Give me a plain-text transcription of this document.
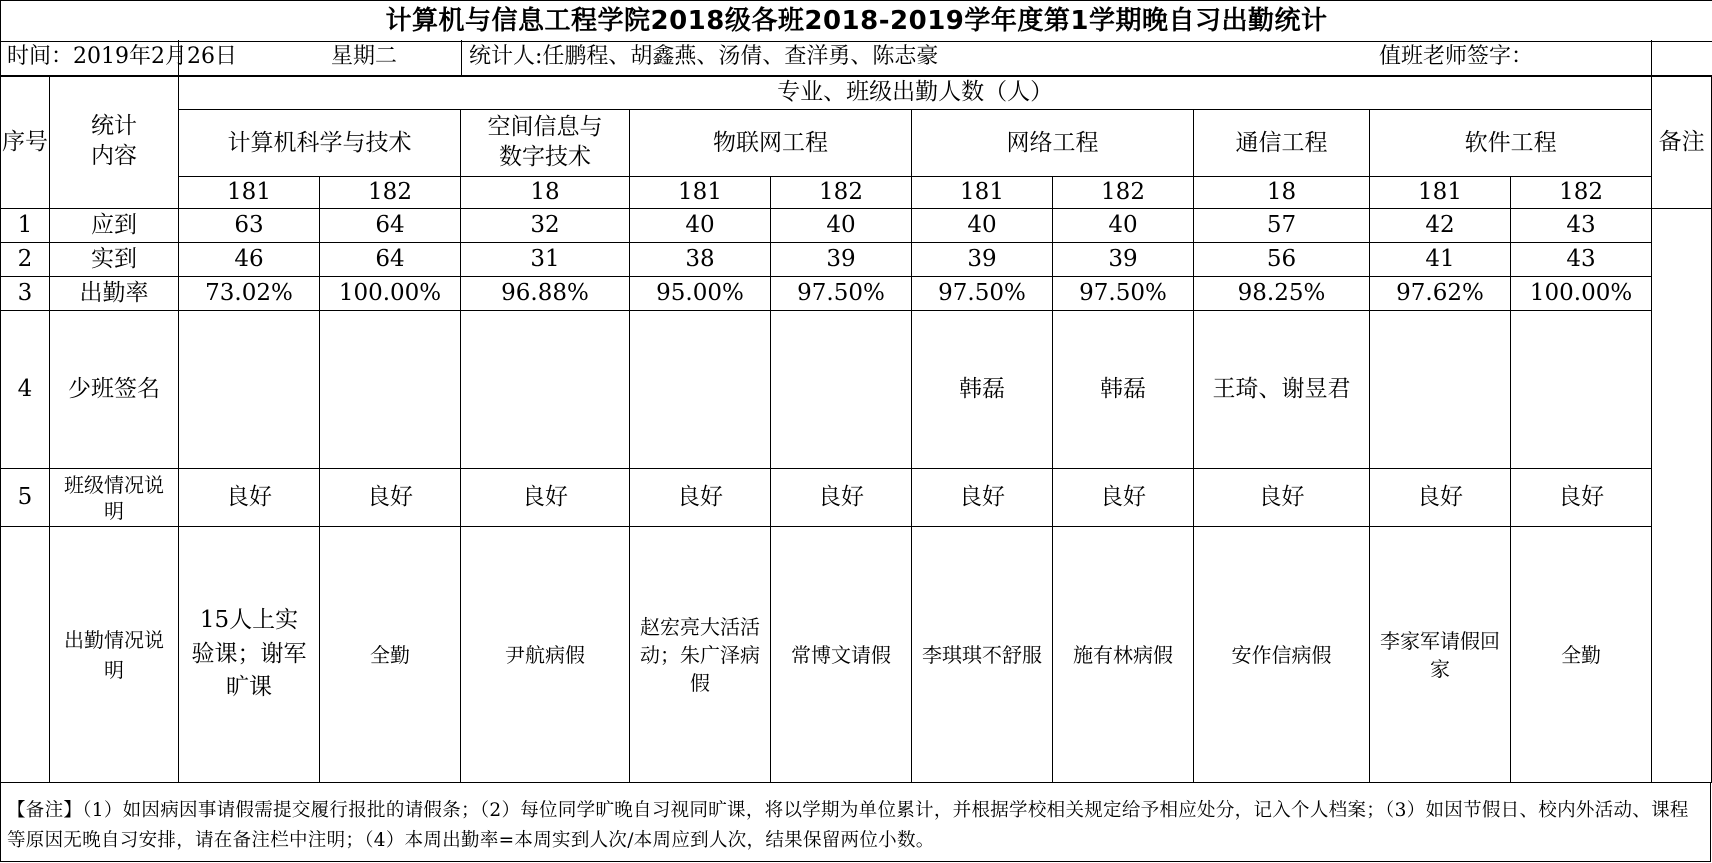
计算机与信息工程学院2018级各班2018-2019学年度第1学期晚自习出勤统计
时间：2019年2月26日	星期二	统计人:任鹏程、胡鑫燕、汤倩、查洋勇、陈志豪	值班老师签字：
序号	统计内容	专业、班级出勤人数（人）										备注
		计算机科学与技术		空间信息与数字技术	物联网工程		网络工程		通信工程	软件工程		
		181	182	18	181	182	181	182	18	181	182	
1	应到	63	64	32	40	40	40	40	57	42	43	
2	实到	46	64	31	38	39	39	39	56	41	43	
3	出勤率	73.02%	100.00%	96.88%	95.00%	97.50%	97.50%	97.50%	98.25%	97.62%	100.00%	
4	少班签名						韩磊	韩磊	王琦、谢昱君			

5	班级情况说明	良好	良好	良好	良好	良好	良好	良好	良好	良好	良好	

	出勤情况说明	15人上实验课；谢军旷课	全勤	尹航病假	赵宏亮大活活动；朱广泽病假	常博文请假	李琪琪不舒服	施有林病假	安作信病假	李家军请假回家	全勤	
【备注】（1）如因病因事请假需提交履行报批的请假条；（2）每位同学旷晚自习视同旷课，将以学期为单位累计，并根据学校相关规定给予相应处分，记入个人档案；（3）如因节假日、校内外活动、课程等原因无晚自习安排，请在备注栏中注明；（4）本周出勤率=本周实到人次/本周应到人次，结果保留两位小数。
